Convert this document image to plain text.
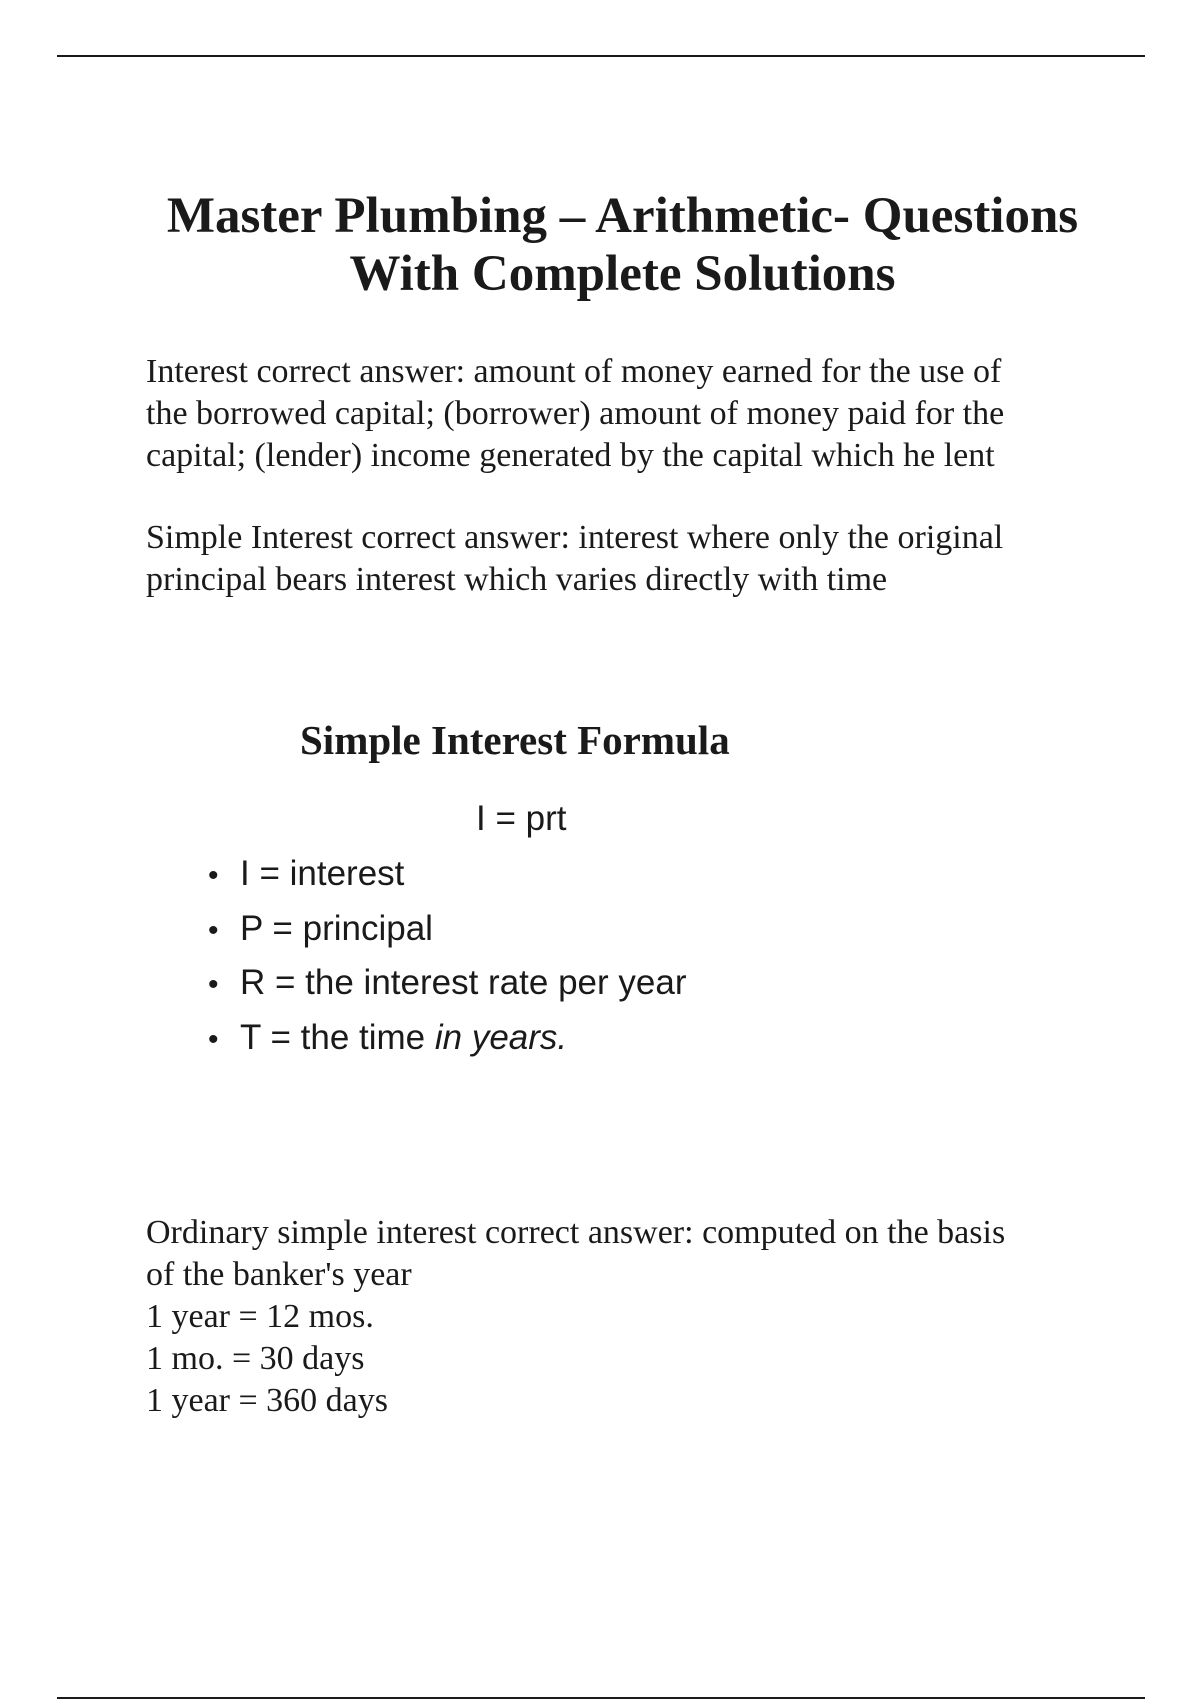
Master Plumbing – Arithmetic- Questions
With Complete Solutions

Interest correct answer: amount of money earned for the use of
the borrowed capital; (borrower) amount of money paid for the
capital; (lender) income generated by the capital which he lent

Simple Interest correct answer: interest where only the original
principal bears interest which varies directly with time

Simple Interest Formula
I = prt
• I = interest
• P = principal
• R = the interest rate per year
• T = the time in years.

Ordinary simple interest correct answer: computed on the basis
of the banker's year
1 year = 12 mos.
1 mo. = 30 days
1 year = 360 days
